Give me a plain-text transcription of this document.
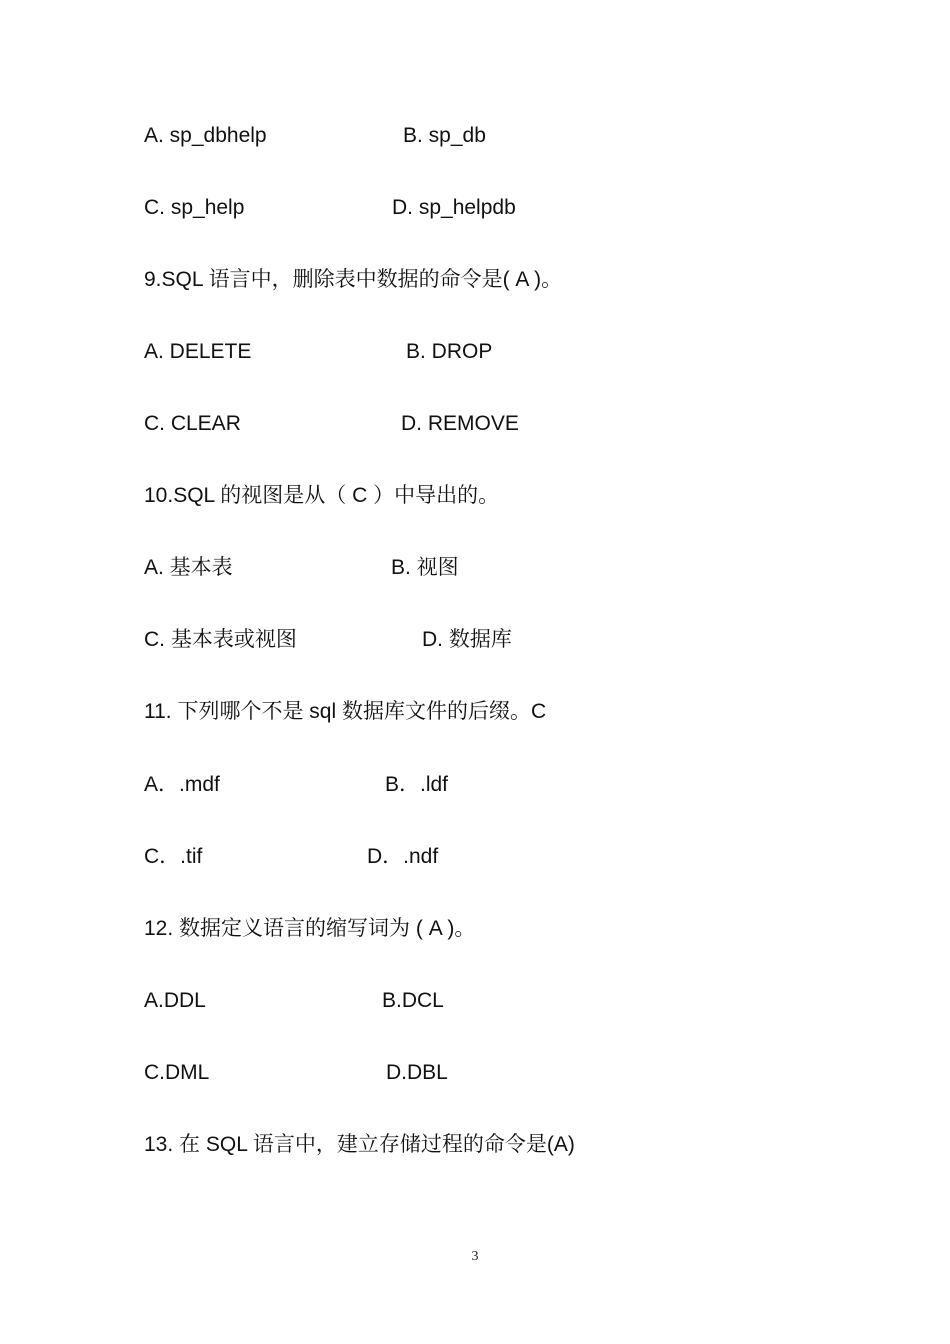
A. sp_dbhelp	B. sp_db
C. sp_help	D. sp_helpdb
9.SQL 语言中，删除表中数据的命令是( A )。
A. DELETE	B. DROP
C. CLEAR	D. REMOVE
10.SQL 的视图是从（ C ）中导出的。
A. 基本表	B. 视图
C. 基本表或视图	D. 数据库
11. 下列哪个不是 sql 数据库文件的后缀。C
A．.mdf	B．.ldf
C．.tif	D．.ndf
12. 数据定义语言的缩写词为 ( A )。
A.DDL	B.DCL
C.DML	D.DBL
13. 在 SQL 语言中，建立存储过程的命令是(A)
3
